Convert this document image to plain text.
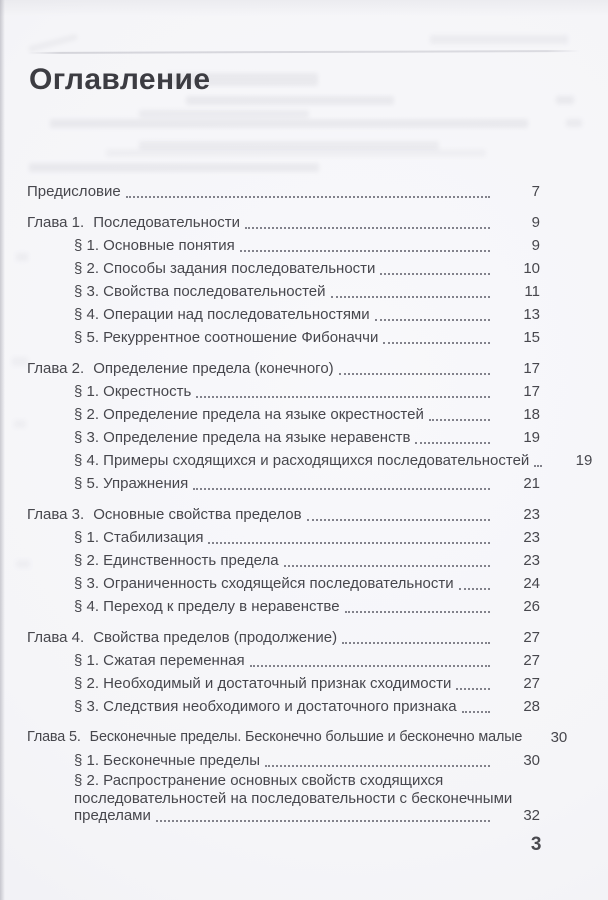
Оглавление
Предисловие	7
Глава 1. Последовательности	9
§ 1. Основные понятия	9
§ 2. Способы задания последовательности	10
§ 3. Свойства последовательностей	11
§ 4. Операции над последовательностями	13
§ 5. Рекуррентное соотношение Фибоначчи	15
Глава 2. Определение предела (конечного)	17
§ 1. Окрестность	17
§ 2. Определение предела на языке окрестностей	18
§ 3. Определение предела на языке неравенств	19
§ 4. Примеры сходящихся и расходящихся последовательностей	19
§ 5. Упражнения	21
Глава 3. Основные свойства пределов	23
§ 1. Стабилизация	23
§ 2. Единственность предела	23
§ 3. Ограниченность сходящейся последовательности	24
§ 4. Переход к пределу в неравенстве	26
Глава 4. Свойства пределов (продолжение)	27
§ 1. Сжатая переменная	27
§ 2. Необходимый и достаточный признак сходимости	27
§ 3. Следствия необходимого и достаточного признака	28
Глава 5. Бесконечные пределы. Бесконечно большие и бесконечно малые	30
§ 1. Бесконечные пределы	30
§ 2. Распространение основных свойств сходящихся
последовательностей на последовательности с бесконечными
пределами	32
3
